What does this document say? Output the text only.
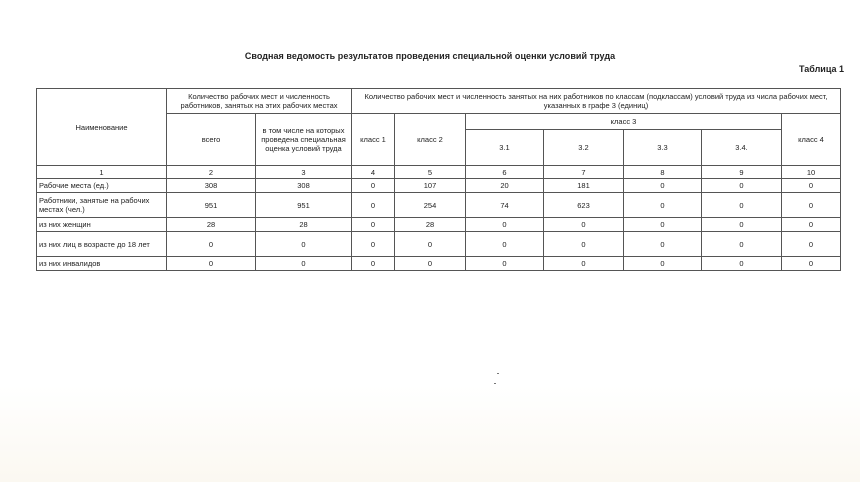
Сводная ведомость результатов проведения специальной оценки условий труда
Таблица 1
Наименование	Количество рабочих мест и численность работников, занятых на этих рабочих местах		Количество рабочих мест и численность занятых на них работников по классам (подклассам) условий труда из числа рабочих мест, указанных в графе 3 (единиц)						
	всего	в том числе на которых проведена специальная оценка условий труда	класс 1	класс 2	класс 3				класс 4
					3.1	3.2	3.3	3.4.	
1	2	3	4	5	6	7	8	9	10
Рабочие места (ед.)	308	308	0	107	20	181	0	0	0
Работники, занятые на рабочих местах (чел.)	951	951	0	254	74	623	0	0	0
из них женщин	28	28	0	28	0	0	0	0	0
из них лиц в возрасте до 18 лет	0	0	0	0	0	0	0	0	0
из них инвалидов	0	0	0	0	0	0	0	0	0
